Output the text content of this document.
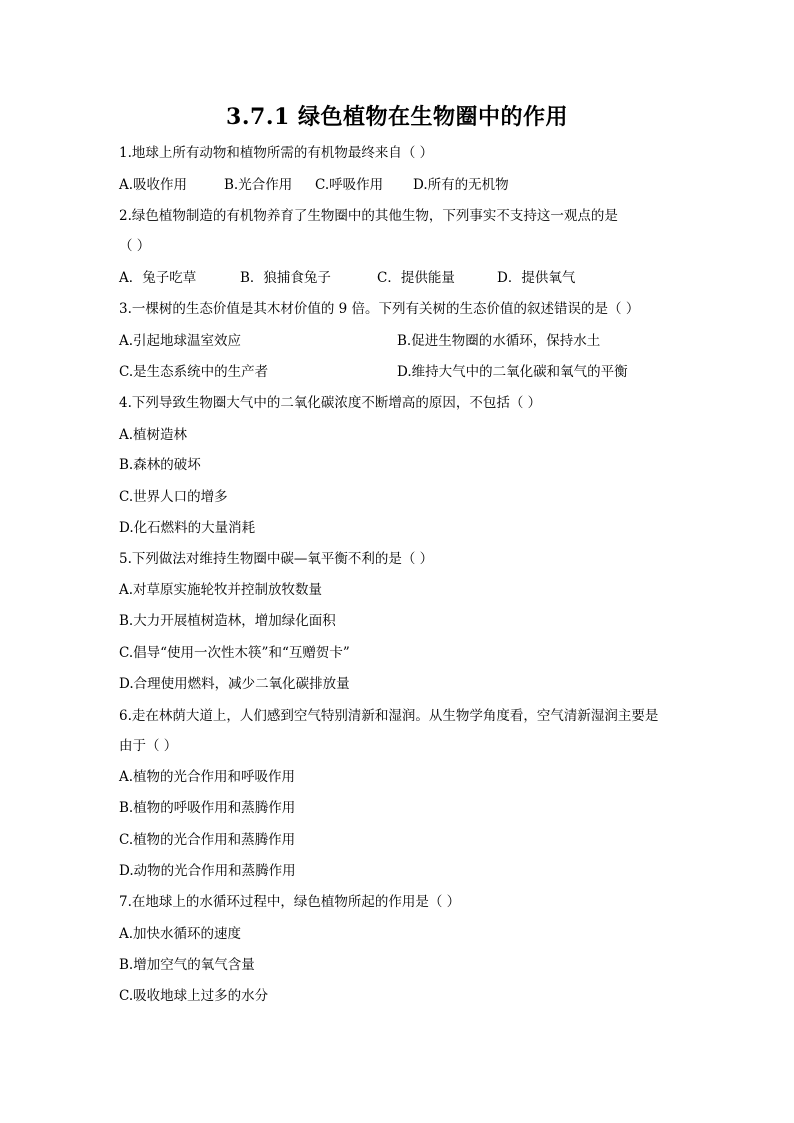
3.7.1 绿色植物在生物圈中的作用
1.地球上所有动物和植物所需的有机物最终来自（ ）
A.吸收作用	B.光合作用 C.呼吸作用 D.所有的无机物
2.绿色植物制造的有机物养育了生物圈中的其他生物，下列事实不支持这一观点的是
（ ）
A．兔子吃草	B．狼捕食兔子	C．提供能量	D．提供氧气
3.一棵树的生态价值是其木材价值的 9 倍。下列有关树的生态价值的叙述错误的是（ ）
A.引起地球温室效应	B.促进生物圈的水循环，保持水土
C.是生态系统中的生产者	D.维持大气中的二氧化碳和氧气的平衡
4.下列导致生物圈大气中的二氧化碳浓度不断增高的原因，不包括（ ）
A.植树造林
B.森林的破坏
C.世界人口的增多
D.化石燃料的大量消耗
5.下列做法对维持生物圈中碳—氧平衡不利的是（ ）
A.对草原实施轮牧并控制放牧数量
B.大力开展植树造林，增加绿化面积
C.倡导“使用一次性木筷”和“互赠贺卡”
D.合理使用燃料，减少二氧化碳排放量
6.走在林荫大道上，人们感到空气特别清新和湿润。从生物学角度看，空气清新湿润主要是
由于（ ）
A.植物的光合作用和呼吸作用
B.植物的呼吸作用和蒸腾作用
C.植物的光合作用和蒸腾作用
D.动物的光合作用和蒸腾作用
7.在地球上的水循环过程中，绿色植物所起的作用是（ ）
A.加快水循环的速度
B.增加空气的氧气含量
C.吸收地球上过多的水分
